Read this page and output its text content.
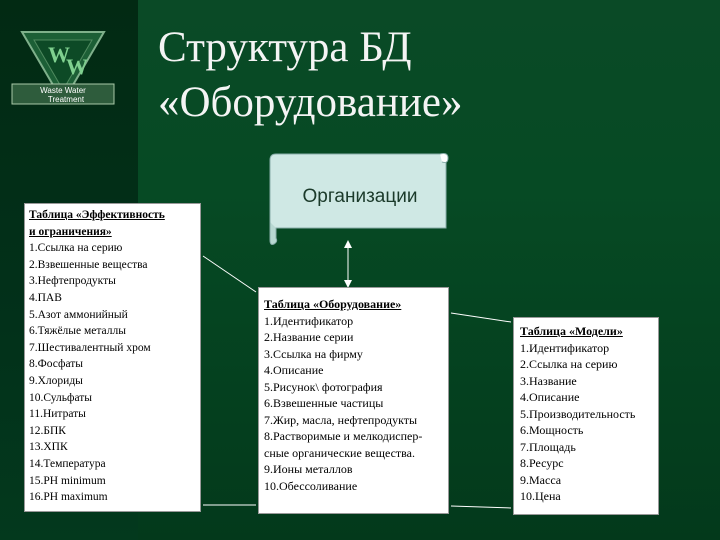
W
W
Waste Water
Treatment
Структура БД
«Оборудование»
Организации
Таблица «Эффективность
и ограничения»
1.Ссылка на серию
2.Взвешенные вещества
3.Нефтепродукты
4.ПАВ
5.Азот аммонийный
6.Тяжёлые металлы
7.Шестивалентный хром
8.Фосфаты
9.Хлориды
10.Сульфаты
11.Нитраты
12.БПК
13.ХПК
14.Температура
15.PH minimum
16.PH maximum
Таблица «Оборудование»
1.Идентификатор
2.Название серии
3.Ссылка на фирму
4.Описание
5.Рисунок\ фотография
6.Взвешенные частицы
7.Жир, масла, нефтепродукты
8.Растворимые и мелкодиспер-
сные органические вещества.
9.Ионы металлов
10.Обессоливание
Таблица «Модели»
1.Идентификатор
2.Ссылка на серию
3.Название
4.Описание
5.Производительность
6.Мощность
7.Площадь
8.Ресурс
9.Масса
10.Цена
